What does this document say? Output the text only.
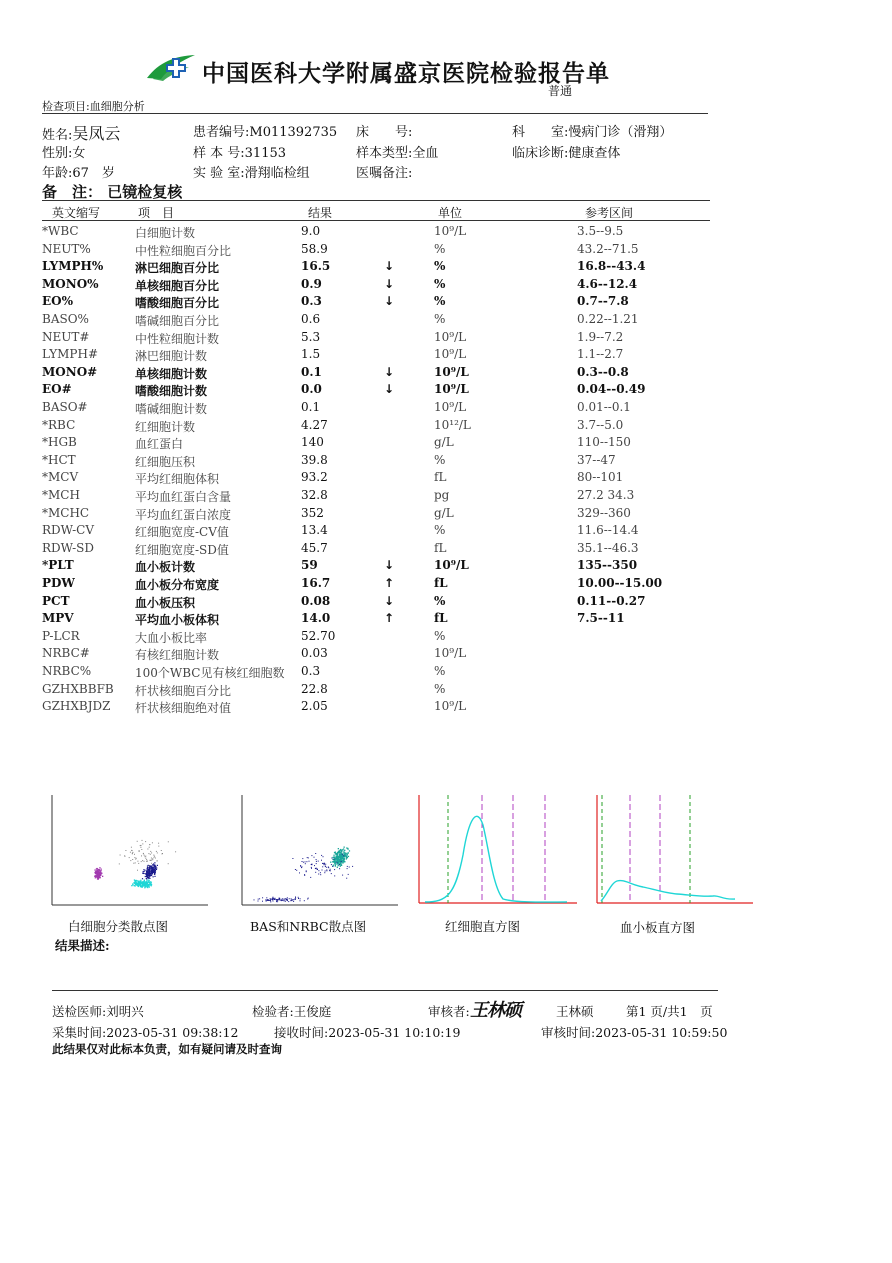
中国医科大学附属盛京医院检验报告单
普通
检查项目:血细胞分析
姓名:吴凤云	患者编号:M011392735 床　　号:	科　　室:慢病门诊（滑翔）
性别:女	样 本 号:31153	样本类型:全血	临床诊断:健康查体
年龄:67　岁	实 验 室:滑翔临检组	医嘱备注:
备　注： 已镜检复核
英文缩写	项　目	结果	单位	参考区间
*WBC	白细胞计数	9.0	10⁹/L	3.5--9.5
NEUT%	中性粒细胞百分比	58.9	%	43.2--71.5
LYMPH%	淋巴细胞百分比	16.5	↓	%	16.8--43.4
MONO%	单核细胞百分比	0.9	↓	%	4.6--12.4
EO%	嗜酸细胞百分比	0.3	↓	%	0.7--7.8
BASO%	嗜碱细胞百分比	0.6	%	0.22--1.21
NEUT#	中性粒细胞计数	5.3	10⁹/L	1.9--7.2
LYMPH#	淋巴细胞计数	1.5	10⁹/L	1.1--2.7
MONO#	单核细胞计数	0.1	↓	10⁹/L	0.3--0.8
EO#	嗜酸细胞计数	0.0	↓	10⁹/L	0.04--0.49
BASO#	嗜碱细胞计数	0.1	10⁹/L	0.01--0.1
*RBC	红细胞计数	4.27	10¹²/L	3.7--5.0
*HGB	血红蛋白	140	g/L	110--150
*HCT	红细胞压积	39.8	%	37--47
*MCV	平均红细胞体积	93.2	fL	80--101
*MCH	平均血红蛋白含量	32.8	pg	27.2 34.3
*MCHC	平均血红蛋白浓度	352	g/L	329--360
RDW-CV	红细胞宽度-CV值	13.4	%	11.6--14.4
RDW-SD	红细胞宽度-SD值	45.7	fL	35.1--46.3
*PLT	血小板计数	59	↓	10⁹/L	135--350
PDW	血小板分布宽度	16.7	↑	fL	10.00--15.00
PCT	血小板压积	0.08	↓	%	0.11--0.27
MPV	平均血小板体积	14.0	↑	fL	7.5--11
P-LCR	大血小板比率	52.70	%
NRBC#	有核红细胞计数	0.03	10⁹/L
NRBC%	100个WBC见有核红细胞数 0.3	%
GZHXBBFB 杆状核细胞百分比	22.8	%
GZHXBJDZ 杆状核细胞绝对值	2.05	10⁹/L
白细胞分类散点图	BAS和NRBC散点图	红细胞直方图	血小板直方图
结果描述:
送检医师:刘明兴	检验者:王俊庭	审核者: 王林硕	王林硕	第1 页/共1　页
采集时间:2023-05-31 09:38:12	接收时间:2023-05-31 10:10:19	审核时间:2023-05-31 10:59:50
此结果仅对此标本负责，如有疑问请及时查询
